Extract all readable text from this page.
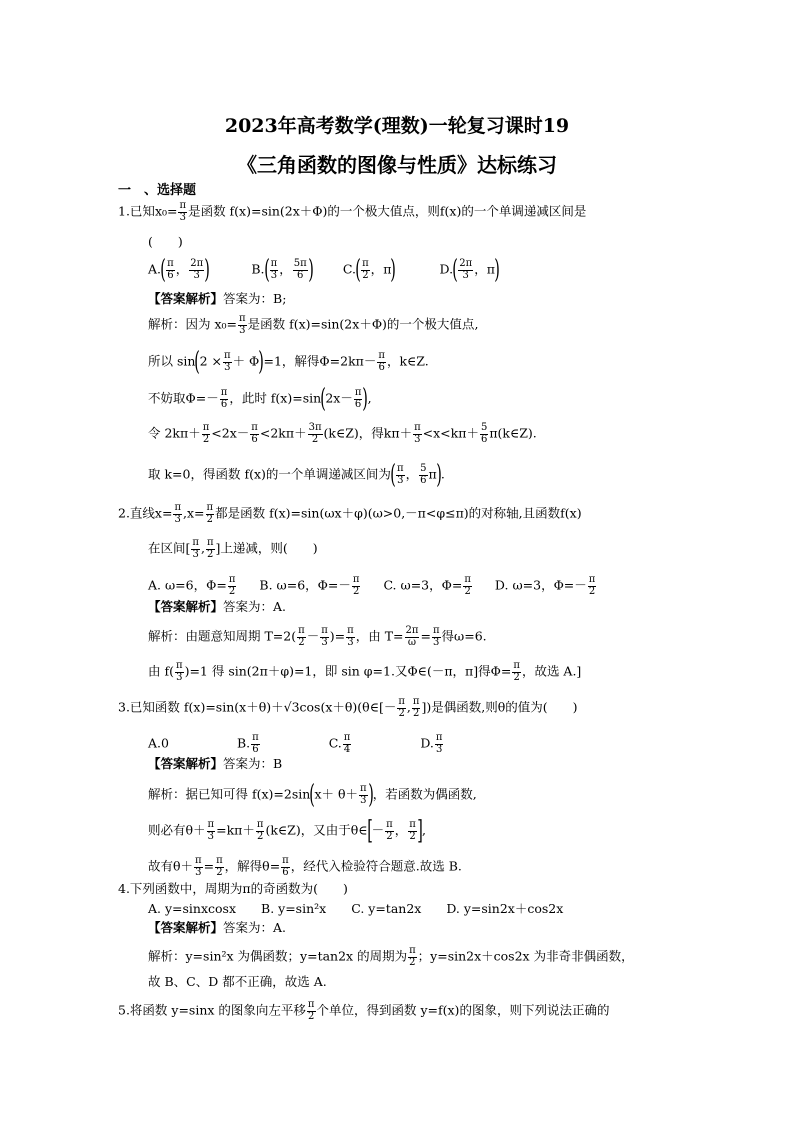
2023年高考数学(理数)一轮复习课时19
《三角函数的图像与性质》达标练习
一　、选择题
1.已知$x_0= \frac{\pi}{3}$ 是函数 f(x)=sin(2x＋Φ)的一个极大值点，则f(x)的一个单调递减区间是
(　　)
$A.( \frac{\pi}{6}$ ， $\frac{2\pi}{3}$ )	$B.( \frac{\pi}{3}$ ， $\frac{5\pi}{6}$ ) $C.( \frac{\pi}{2}$ ，π)	$D.( \frac{2\pi}{3}$ ，π)
【答案解析】答案为：B;
解析：因为 $x_0= \frac{\pi}{3}$ 是函数 f(x)=sin(2x＋Φ)的一个极大值点,
所以 $\sin(2 \times \frac{\pi}{3} + \Phi)=1$，解得$\Phi=2k\pi- \frac{\pi}{6}$ ，k∈Z.
不妨取$\Phi=- \frac{\pi}{6}$ ，此时 $f(x)=\sin(2x- \frac{\pi}{6}$ ),
令 $2k\pi+ \frac{\pi}{2} <2x- \frac{\pi}{6} <2k\pi+ \frac{3\pi}{2}$ (k∈Z)，得$k\pi+ \frac{\pi}{3} <x<k\pi+ \frac{5}{6}$ π(k∈Z).
取 k=0，得函数 f(x)的一个单调递减区间为( $\frac{\pi}{3}$ ， $\frac{5}{6} \pi$).
2.直线$x= \frac{\pi}{3} ,x= \frac{\pi}{2}$ 都是函数 f(x)=sin(ωx＋φ)(ω>0,－π<φ≤π)的对称轴,且函数f(x)
在区间[ $\frac{\pi}{3}$ , $\frac{\pi}{2}$ ]上递减，则(　　)
A. ω=6，$\Phi= \frac{\pi}{2} B$. ω=6，$\Phi=- \frac{\pi}{2} C$. ω=3，$\Phi= \frac{\pi}{2} D$. ω=3，$\Phi=- \frac{\pi}{2}$
【答案解析】答案为：A.
解析：由题意知周期 $T=2( \frac{\pi}{2} - \frac{\pi}{3}$ )= $\frac{\pi}{3}$ ，由 $T= \frac{2\pi}{\omega} = \frac{\pi}{3}$ 得ω=6.
由 $f( \frac{\pi}{3} )=1$ 得 sin(2π＋φ)=1，即 sin φ=1.又Φ∈(－π，π]得$\Phi= \frac{\pi}{2}$ ，故选 A.]
3.已知函数 f(x)=sin(x＋θ)＋√3cos(x＋θ)(θ∈[－ $\frac{\pi}{2}$ , $\frac{\pi}{2}$ ])是偶函数,则θ的值为(　　)
A.0	B. $\frac{\pi}{6}$	C. $\frac{\pi}{4}$	D. $\frac{\pi}{3}$
【答案解析】答案为：B
解析：据已知可得 $f(x)=2\sin(x+ \theta+ \frac{\pi}{3}$ )，若函数为偶函数,
则必有$\theta+ \frac{\pi}{3} =k\pi+ \frac{\pi}{2}$ (k∈Z)，又由于θ∈[－ $\frac{\pi}{2}$ ， $\frac{\pi}{2}$ ],
故有$\theta+ \frac{\pi}{3} = \frac{\pi}{2}$ ，解得$\theta= \frac{\pi}{6}$ ，经代入检验符合题意.故选 B.
4.下列函数中，周期为π的奇函数为(　　)
A. y=sinxcosx　　B. y=sin²x　　C. y=tan2x　　D. y=sin2x＋cos2x
【答案解析】答案为：A.
解析：y=sin²x 为偶函数；y=tan2x 的周期为 $\frac{\pi}{2}$ ；y=sin2x＋cos2x 为非奇非偶函数，
故 B、C、D 都不正确，故选 A.
5.将函数 y=sinx 的图象向左平移 $\frac{\pi}{2}$ 个单位，得到函数 y=f(x)的图象，则下列说法正确的
